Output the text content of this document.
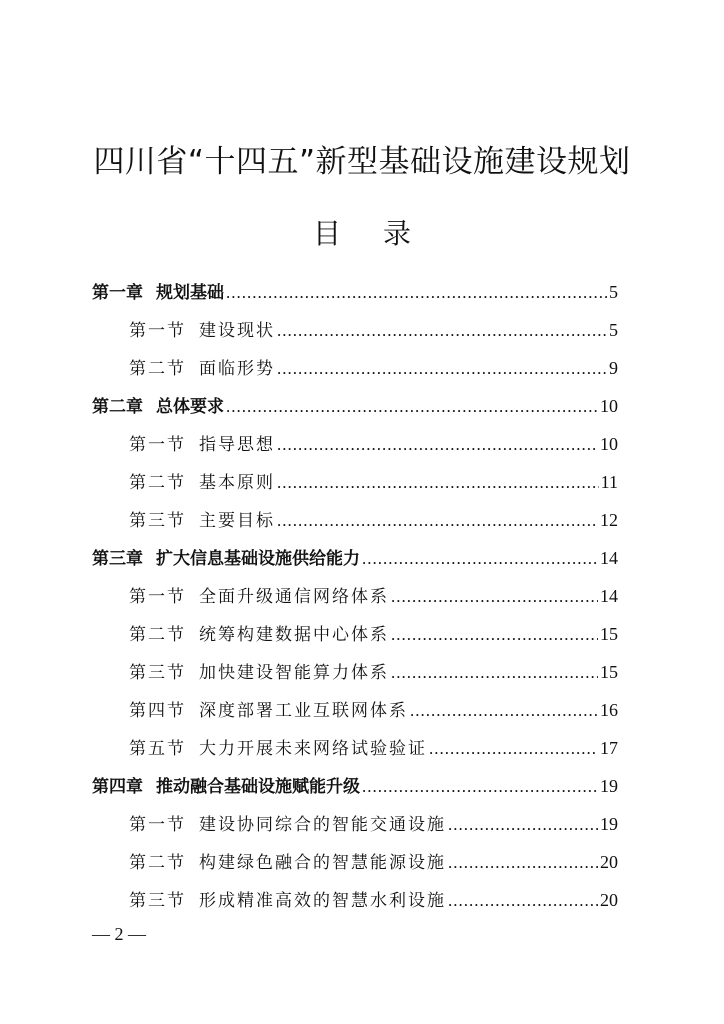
四川省“十四五”新型基础设施建设规划
目 录
第一章 规划基础 .....	5
第一节 建设现状 .....	5
第二节 面临形势 .....	9
第二章 总体要求 .....	10
第一节 指导思想 .....	10
第二节 基本原则 .....	11
第三节 主要目标 .....	12
第三章 扩大信息基础设施供给能力 .....	14
第一节 全面升级通信网络体系 .....	14
第二节 统筹构建数据中心体系 .....	15
第三节 加快建设智能算力体系 .....	15
第四节 深度部署工业互联网体系 .....	16
第五节 大力开展未来网络试验验证 .....	17
第四章 推动融合基础设施赋能升级 .....	19
第一节 建设协同综合的智能交通设施 .....	19
第二节 构建绿色融合的智慧能源设施 .....	20
第三节 形成精准高效的智慧水利设施 .....	20
— 2 —
